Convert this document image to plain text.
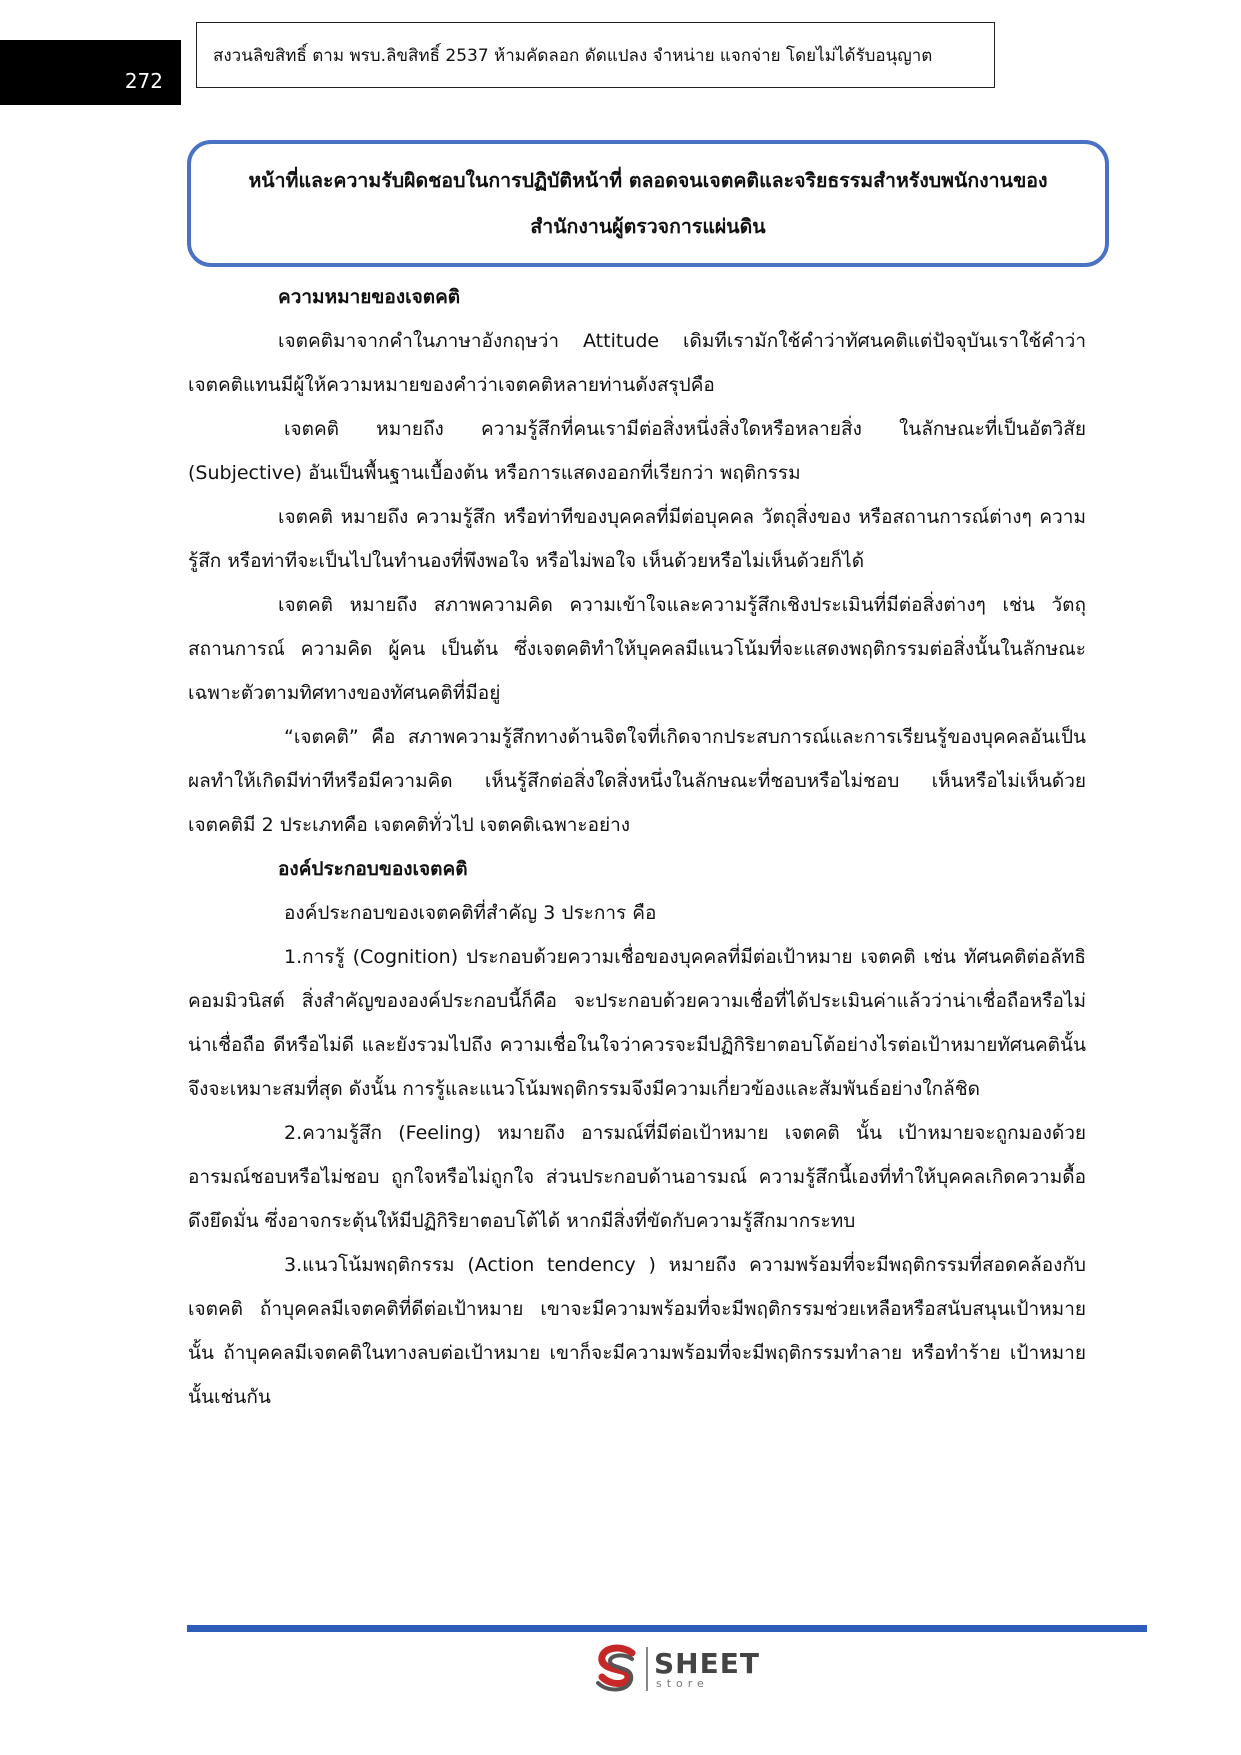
272
สงวนลิขสิทธิ์ ตาม พรบ.ลิขสิทธิ์ 2537 ห้ามคัดลอก ดัดแปลง จำหน่าย แจกจ่าย โดยไม่ได้รับอนุญาต
หน้าที่และความรับผิดชอบในการปฏิบัติหน้าที่ ตลอดจนเจตคติและจริยธรรมสำหรังบพนักงานของ
สำนักงานผู้ตรวจการแผ่นดิน
ความหมายของเจตคติ

เจตคติมาจากคำในภาษาอังกฤษว่า Attitude เดิมทีเรามักใช้คำว่าทัศนคติแต่ปัจจุบันเราใช้คำว่าเจตคติแทนมีผู้ให้ความหมายของคำว่าเจตคติหลายท่านดังสรุปคือ

เจตคติ หมายถึง ความรู้สึกที่คนเรามีต่อสิ่งหนึ่งสิ่งใดหรือหลายสิ่ง ในลักษณะที่เป็นอัตวิสัย (Subjective) อันเป็นพื้นฐานเบื้องต้น หรือการแสดงออกที่เรียกว่า พฤติกรรม

เจตคติ หมายถึง ความรู้สึก หรือท่าทีของบุคคลที่มีต่อบุคคล วัตถุสิ่งของ หรือสถานการณ์ต่างๆ ความรู้สึก หรือท่าทีจะเป็นไปในทำนองที่พึงพอใจ หรือไม่พอใจ เห็นด้วยหรือไม่เห็นด้วยก็ได้

เจตคติ หมายถึง สภาพความคิด ความเข้าใจและความรู้สึกเชิงประเมินที่มีต่อสิ่งต่างๆ เช่น วัตถุ สถานการณ์ ความคิด ผู้คน เป็นต้น ซึ่งเจตคติทำให้บุคคลมีแนวโน้มที่จะแสดงพฤติกรรมต่อสิ่งนั้นในลักษณะเฉพาะตัวตามทิศทางของทัศนคติที่มีอยู่

“เจตคติ” คือ สภาพความรู้สึกทางด้านจิตใจที่เกิดจากประสบการณ์และการเรียนรู้ของบุคคลอันเป็นผลทำให้เกิดมีท่าทีหรือมีความคิด เห็นรู้สึกต่อสิ่งใดสิ่งหนึ่งในลักษณะที่ชอบหรือไม่ชอบ เห็นหรือไม่เห็นด้วย เจตคติมี 2 ประเภทคือ เจตคติทั่วไป เจตคติเฉพาะอย่าง

องค์ประกอบของเจตคติ

องค์ประกอบของเจตคติที่สำคัญ 3 ประการ คือ

1.การรู้ (Cognition) ประกอบด้วยความเชื่อของบุคคลที่มีต่อเป้าหมาย เจตคติ เช่น ทัศนคติต่อลัทธิคอมมิวนิสต์ สิ่งสำคัญขององค์ประกอบนี้ก็คือ จะประกอบด้วยความเชื่อที่ได้ประเมินค่าแล้วว่าน่าเชื่อถือหรือไม่น่าเชื่อถือ ดีหรือไม่ดี และยังรวมไปถึง ความเชื่อในใจว่าควรจะมีปฏิกิริยาตอบโต้อย่างไรต่อเป้าหมายทัศนคตินั้นจึงจะเหมาะสมที่สุด ดังนั้น การรู้และแนวโน้มพฤติกรรมจึงมีความเกี่ยวข้องและสัมพันธ์อย่างใกล้ชิด

2.ความรู้สึก (Feeling) หมายถึง อารมณ์ที่มีต่อเป้าหมาย เจตคติ นั้น เป้าหมายจะถูกมองด้วยอารมณ์ชอบหรือไม่ชอบ ถูกใจหรือไม่ถูกใจ ส่วนประกอบด้านอารมณ์ ความรู้สึกนี้เองที่ทำให้บุคคลเกิดความดื้อดึงยึดมั่น ซึ่งอาจกระตุ้นให้มีปฏิกิริยาตอบโต้ได้ หากมีสิ่งที่ขัดกับความรู้สึกมากระทบ

3.แนวโน้มพฤติกรรม (Action tendency ) หมายถึง ความพร้อมที่จะมีพฤติกรรมที่สอดคล้องกับเจตคติ ถ้าบุคคลมีเจตคติที่ดีต่อเป้าหมาย เขาจะมีความพร้อมที่จะมีพฤติกรรมช่วยเหลือหรือสนับสนุนเป้าหมายนั้น ถ้าบุคคลมีเจตคติในทางลบต่อเป้าหมาย เขาก็จะมีความพร้อมที่จะมีพฤติกรรมทำลาย หรือทำร้าย เป้าหมายนั้นเช่นกัน

SHEET
store
